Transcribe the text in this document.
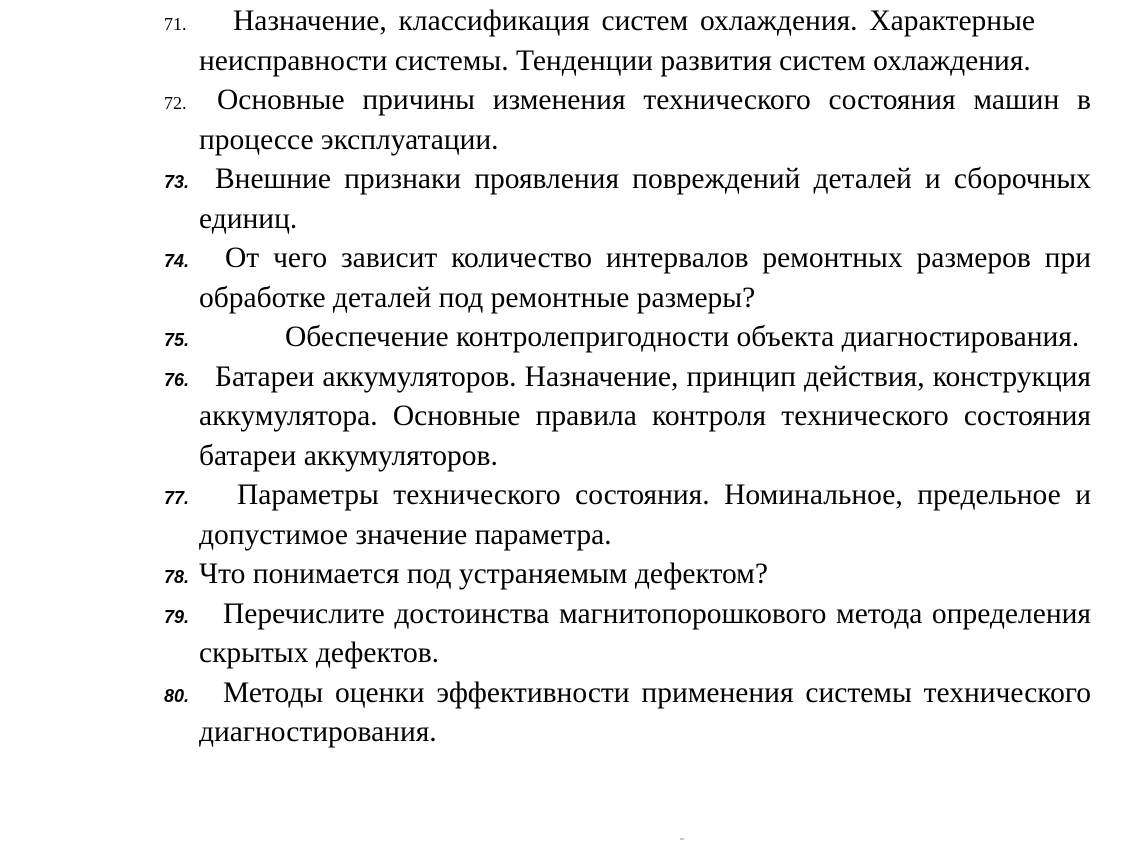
71.	Назначение, классификация систем охлаждения. Характерные неисправности системы. Тенденции развития систем охлаждения.

72.	Основные причины изменения технического состояния машин в процессе эксплуатации.

73. Внешние признаки проявления повреждений деталей и сборочных единиц.

74.	От чего зависит количество интервалов ремонтных размеров при обработке деталей под ремонтные размеры?

75.	Обеспечение контролепригодности объекта диагностирования.

76. Батареи аккумуляторов. Назначение, принцип действия, конструкция аккумулятора. Основные правила контроля технического состояния батареи аккумуляторов.

77.	Параметры технического состояния. Номинальное, предельное и допустимое значение параметра.

78. Что понимается под устраняемым дефектом?

79.	Перечислите достоинства магнитопорошкового метода определения скрытых дефектов.

80.	Методы оценки эффективности применения системы технического диагностирования.
